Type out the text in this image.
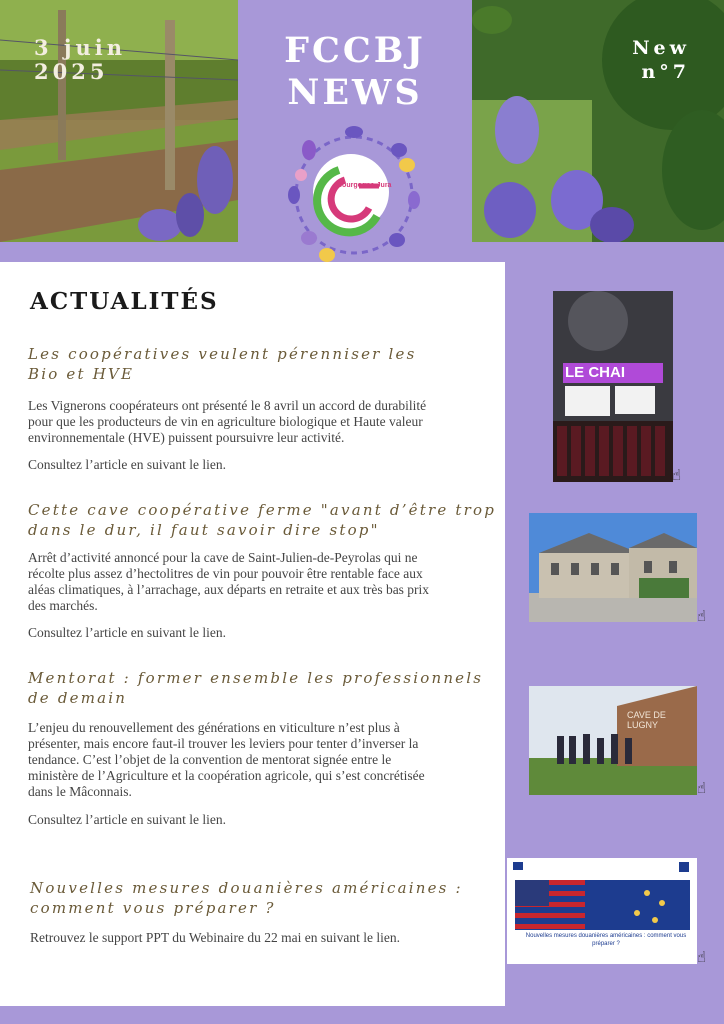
3 juin
2025
FCCBJ
NEWS
New
n°7
Bourgogne-Jura
ACTUALITÉS
Les coopératives veulent pérenniser les
Bio et HVE
Les Vignerons coopérateurs ont présenté le 8 avril un accord de durabilité
pour que les producteurs de vin en agriculture biologique et Haute valeur
environnementale (HVE) puissent poursuivre leur activité.
Consultez l’article en suivant le lien.
Cette cave coopérative ferme "avant d’être trop
dans le dur, il faut savoir dire stop"
Arrêt d’activité annoncé pour la cave de Saint-Julien-de-Peyrolas qui ne
récolte plus assez d’hectolitres de vin pour pouvoir être rentable face aux
aléas climatiques, à l’arrachage, aux départs en retraite et aux très bas prix
des marchés.
Consultez l’article en suivant le lien.
Mentorat : former ensemble les professionnels
de demain
L’enjeu du renouvellement des générations en viticulture n’est plus à
présenter, mais encore faut-il trouver les leviers pour tenter d’inverser la
tendance. C’est l’objet de la convention de mentorat signée entre le
ministère de l’Agriculture et la coopération agricole, qui s’est concrétisée
dans le Mâconnais.
Consultez l’article en suivant le lien.
Nouvelles mesures douanières américaines :
comment vous préparer ?
Retrouvez le support PPT du Webinaire du 22 mai en suivant le lien.
LE CHAI
☝
☝
CAVE DE LUGNY
☝
Nouvelles mesures douanières américaines : comment vous
préparer ?
☝
